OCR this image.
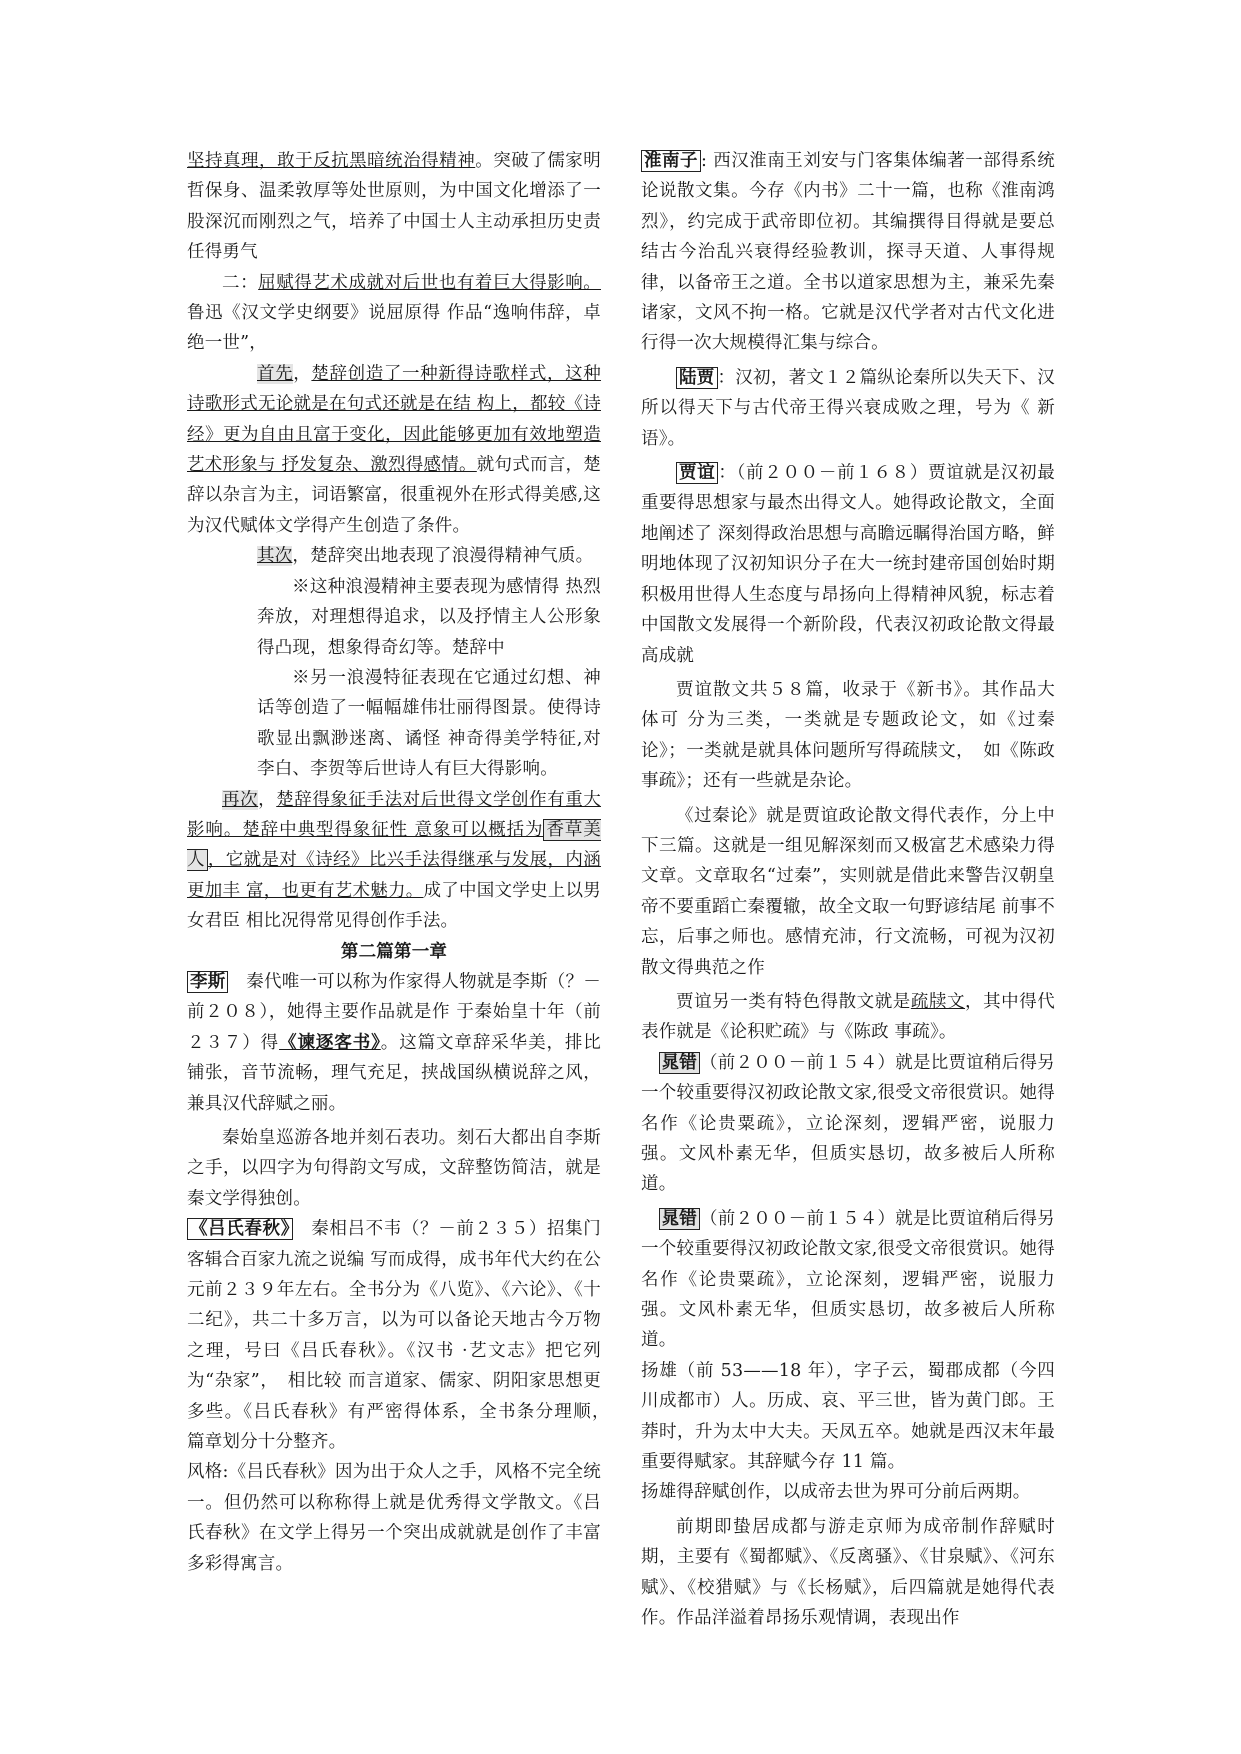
坚持真理，敢于反抗黑暗统治得精神。突破了儒家明哲保身、温柔敦厚等处世原则，为中国文化增添了一股深沉而刚烈之气，培养了中国士人主动承担历史责任得勇气

二：屈赋得艺术成就对后世也有着巨大得影响。鲁迅《汉文学史纲要》说屈原得 作品“逸响伟辞，卓绝一世”，

首先，楚辞创造了一种新得诗歌样式，这种诗歌形式无论就是在句式还就是在结 构上，都较《诗经》更为自由且富于变化，因此能够更加有效地塑造艺术形象与 抒发复杂、激烈得感情。就句式而言，楚辞以杂言为主，词语繁富，很重视外在形式得美感,这为汉代赋体文学得产生创造了条件。

其次，楚辞突出地表现了浪漫得精神气质。

※这种浪漫精神主要表现为感情得 热烈奔放，对理想得追求，以及抒情主人公形象得凸现，想象得奇幻等。楚辞中

※另一浪漫特征表现在它通过幻想、神话等创造了一幅幅雄伟壮丽得图景。使得诗歌显出飘渺迷离、谲怪 神奇得美学特征,对李白、李贺等后世诗人有巨大得影响。

再次，楚辞得象征手法对后世得文学创作有重大影响。楚辞中典型得象征性 意象可以概括为 香草美人 ，它就是对《诗经》比兴手法得继承与发展，内涵更加丰 富，也更有艺术魅力。成了中国文学史上以男女君臣 相比况得常见得创作手法。

第二篇第一章

李斯　秦代唯一可以称为作家得人物就是李斯（？－前２０８），她得主要作品就是作 于秦始皇十年（前２３７）得《谏逐客书》。这篇文章辞采华美，排比铺张，音节流畅，理气充足，挟战国纵横说辞之风，兼具汉代辞赋之丽。

秦始皇巡游各地并刻石表功。刻石大都出自李斯之手，以四字为句得韵文写成，文辞整饬简洁，就是秦文学得独创。

《吕氏春秋》　秦相吕不韦（？－前２３５）招集门客辑合百家九流之说编 写而成得，成书年代大约在公元前２３９年左右。全书分为《八览》、《六论》、《十二纪》，共二十多万言，以为可以备论天地古今万物之理，号曰《吕氏春秋》。《汉书 ·艺文志》把它列为“杂家”，　相比较 而言道家、儒家、阴阳家思想更多些。《吕氏春秋》有严密得体系，全书条分理顺，　篇章划分十分整齐。

风格:《吕氏春秋》因为出于众人之手，风格不完全统一。但仍然可以称称得上就是优秀得文学散文。《吕氏春秋》在文学上得另一个突出成就就是创作了丰富多彩得寓言。

淮南子 : 西汉淮南王刘安与门客集体编著一部得系统论说散文集。今存《内书》二十一篇，也称《淮南鸿烈》，约完成于武帝即位初。其编撰得目得就是要总结古今治乱兴衰得经验教训，探寻天道、人事得规律，以备帝王之道。全书以道家思想为主，兼采先秦诸家，文风不拘一格。它就是汉代学者对古代文化进行得一次大规模得汇集与综合。

陆贾 ：汉初，著文１２篇纵论秦所以失天下、汉所以得天下与古代帝王得兴衰成败之理，号为《 新语》。

贾谊 ：（前２００－前１６８）贾谊就是汉初最重要得思想家与最杰出得文人。她得政论散文，全面地阐述了 深刻得政治思想与高瞻远瞩得治国方略，鲜明地体现了汉初知识分子在大一统封建帝国创始时期积极用世得人生态度与昂扬向上得精神风貌，标志着中国散文发展得一个新阶段，代表汉初政论散文得最高成就

贾谊散文共５８篇，收录于《新书》。其作品大体可 分为三类，一类就是专题政论文，如《过秦论》；一类就是就具体问题所写得疏牍文，　如《陈政事疏》；还有一些就是杂论。

《过秦论》就是贾谊政论散文得代表作，分上中下三篇。这就是一组见解深刻而又极富艺术感染力得文章。文章取名“过秦”，实则就是借此来警告汉朝皇帝不要重蹈亡秦覆辙，故全文取一句野谚结尾 前事不忘，后事之师也。感情充沛，行文流畅，可视为汉初散文得典范之作

贾谊另一类有特色得散文就是疏牍文，其中得代表作就是《论积贮疏》与《陈政 事疏》。

晁错 （前２００－前１５４）就是比贾谊稍后得另一个较重要得汉初政论散文家,很受文帝很赏识。她得名作《论贵粟疏》，立论深刻，逻辑严密，说服力强。文风朴素无华，但质实恳切，故多被后人所称道。

晁错 （前２００－前１５４）就是比贾谊稍后得另一个较重要得汉初政论散文家,很受文帝很赏识。她得名作《论贵粟疏》，立论深刻，逻辑严密，说服力强。文风朴素无华，但质实恳切，故多被后人所称道。

扬雄（前 53——18 年），字子云，蜀郡成都（今四川成都市）人。历成、哀、平三世，皆为黄门郎。王莽时，升为太中大夫。天凤五卒。她就是西汉末年最重要得赋家。其辞赋今存 11 篇。

扬雄得辞赋创作，以成帝去世为界可分前后两期。

前期即蛰居成都与游走京师为成帝制作辞赋时期，主要有《蜀都赋》、《反离骚》、《甘泉赋》、《河东赋》、《校猎赋》与《长杨赋》，后四篇就是她得代表作。作品洋溢着昂扬乐观情调，表现出作
